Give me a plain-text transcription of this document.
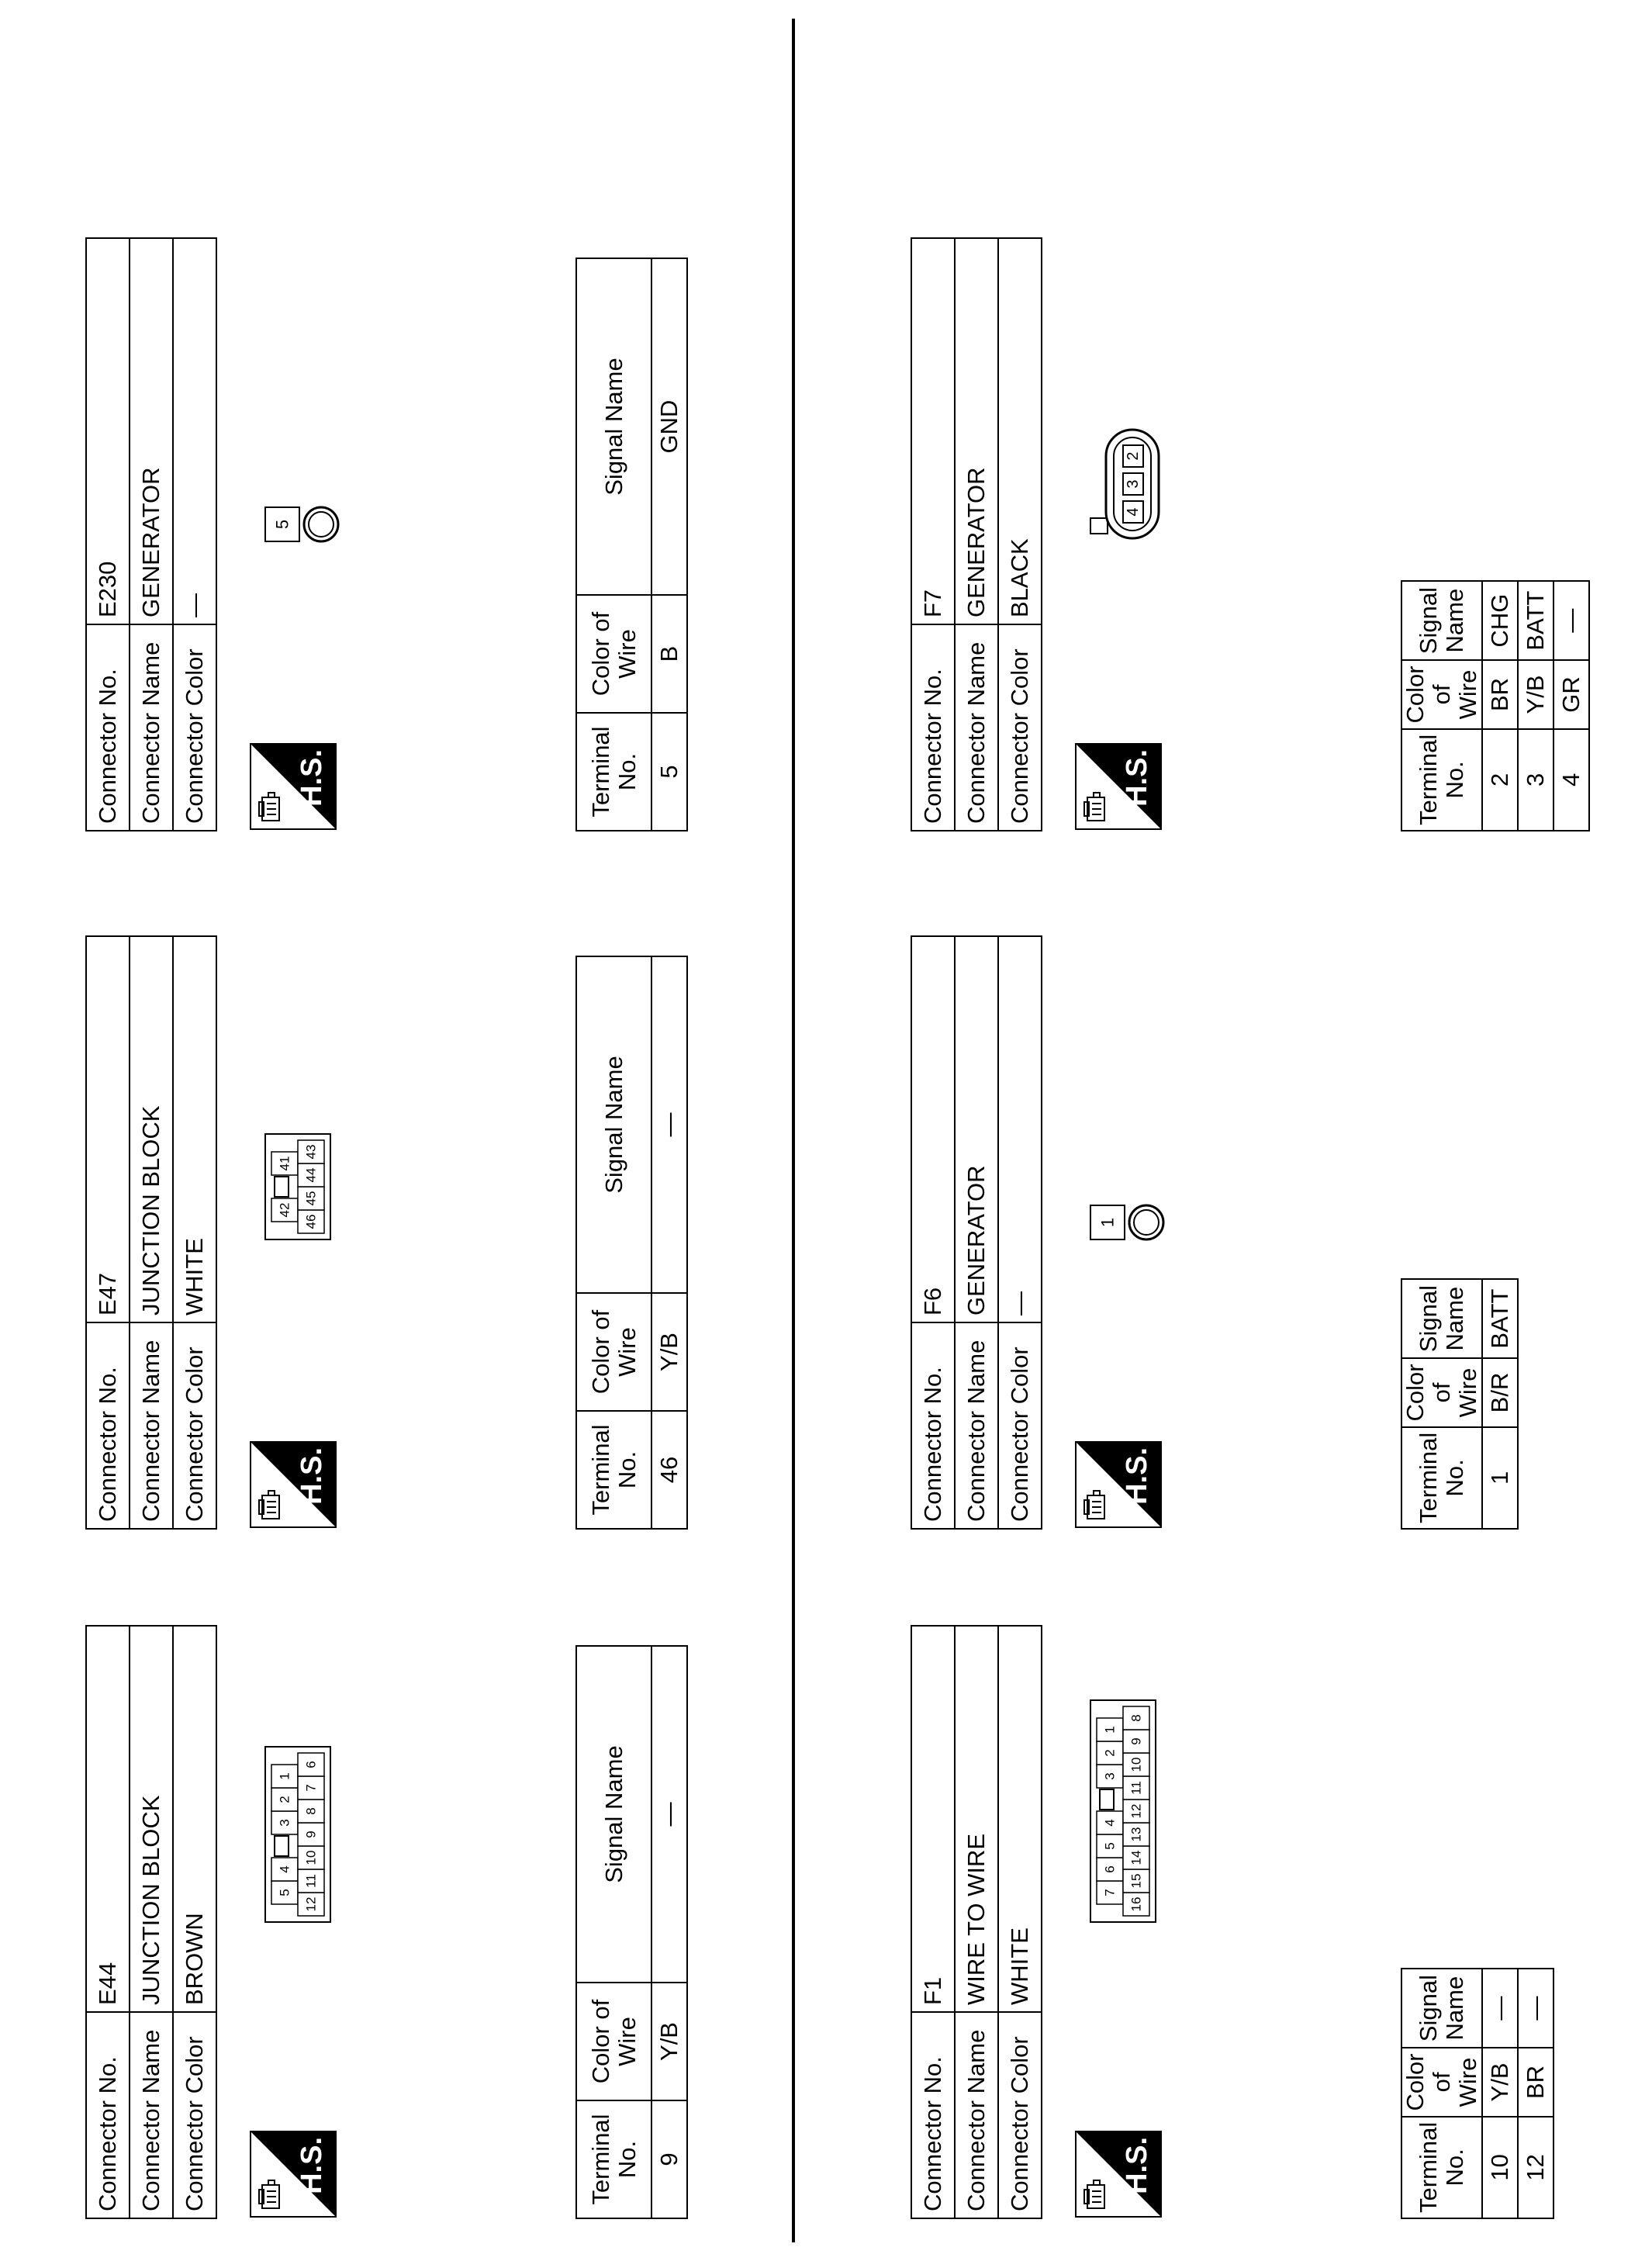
Connector No.	E230
Connector Name	GENERATOR
Connector Color	—
H.S.
5
Terminal No.	Color of Wire	Signal Name
5	B	GND
Connector No.	E47
Connector Name	JUNCTION BLOCK
Connector Color	WHITE
H.S.
42
41
46
45
44
43
Terminal No.	Color of Wire	Signal Name
46	Y/B	—
Connector No.	E44
Connector Name	JUNCTION BLOCK
Connector Color	BROWN
H.S.
5
4
3
2
1
12
11
10
9
8
7
6
Terminal No.	Color of Wire	Signal Name
9	Y/B	—
Connector No.	F7
Connector Name	GENERATOR
Connector Color	BLACK
H.S.
4
3
2
Terminal No.	Color of Wire	Signal Name
2	BR	CHG
3	Y/B	BATT
4	GR	—
Connector No.	F6
Connector Name	GENERATOR
Connector Color	—
H.S.
1
Terminal No.	Color of Wire	Signal Name
1	B/R	BATT
Connector No.	F1
Connector Name	WIRE TO WIRE
Connector Color	WHITE
H.S.
7
6
5
4
3
2
1
16
15
14
13
12
11
10
9
8
Terminal No.	Color of Wire	Signal Name
10	Y/B	—
12	BR	—
